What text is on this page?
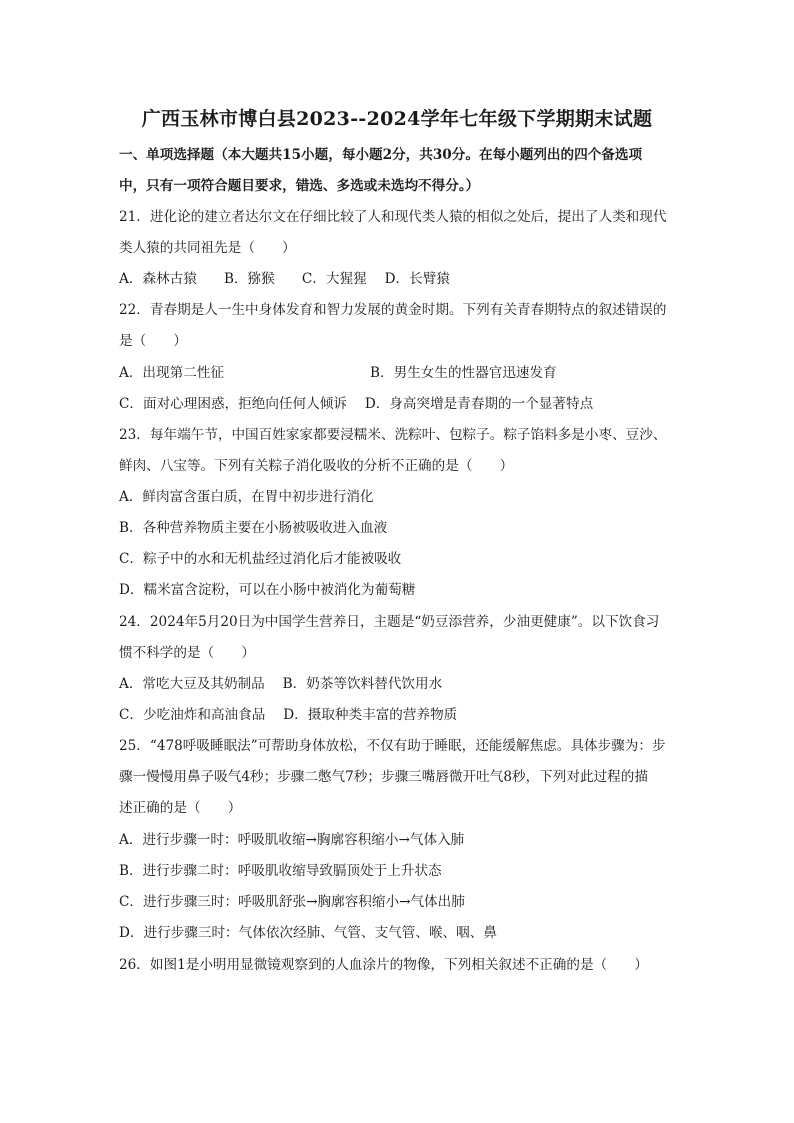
广西玉林市博白县2023--2024学年七年级下学期期末试题
一、单项选择题（本大题共15小题，每小题2分，共30分。在每小题列出的四个备选项
中，只有一项符合题目要求，错选、多选或未选均不得分。）
21．进化论的建立者达尔文在仔细比较了人和现代类人猿的相似之处后，提出了人类和现代
类人猿的共同祖先是（　　）
A．森林古猿　　B．猕猴　　C．大猩猩　 D．长臂猿
22．青春期是人一生中身体发育和智力发展的黄金时期。下列有关青春期特点的叙述错误的
是（　　）
A．出现第二性征	B．男生女生的性器官迅速发育
C．面对心理困惑，拒绝向任何人倾诉　 D．身高突增是青春期的一个显著特点
23．每年端午节，中国百姓家家都要浸糯米、洗粽叶、包粽子。粽子馅料多是小枣、豆沙、
鲜肉、八宝等。下列有关粽子消化吸收的分析不正确的是（　　）
A．鲜肉富含蛋白质，在胃中初步进行消化
B．各种营养物质主要在小肠被吸收进入血液
C．粽子中的水和无机盐经过消化后才能被吸收
D．糯米富含淀粉，可以在小肠中被消化为葡萄糖
24．2024年5月20日为中国学生营养日，主题是“奶豆添营养，少油更健康”。以下饮食习
惯不科学的是（　　）
A．常吃大豆及其奶制品　 B．奶茶等饮料替代饮用水
C．少吃油炸和高油食品　 D．摄取种类丰富的营养物质
25．“478呼吸睡眠法”可帮助身体放松，不仅有助于睡眠，还能缓解焦虑。具体步骤为：步
骤一慢慢用鼻子吸气4秒；步骤二憋气7秒；步骤三嘴唇微开吐气8秒，下列对此过程的描
述正确的是（　　）
A．进行步骤一时：呼吸肌收缩→胸廓容积缩小→气体入肺
B．进行步骤二时：呼吸肌收缩导致膈顶处于上升状态
C．进行步骤三时：呼吸肌舒张→胸廓容积缩小→气体出肺
D．进行步骤三时：气体依次经肺、气管、支气管、喉、咽、鼻
26．如图1是小明用显微镜观察到的人血涂片的物像，下列相关叙述不正确的是（　　）
